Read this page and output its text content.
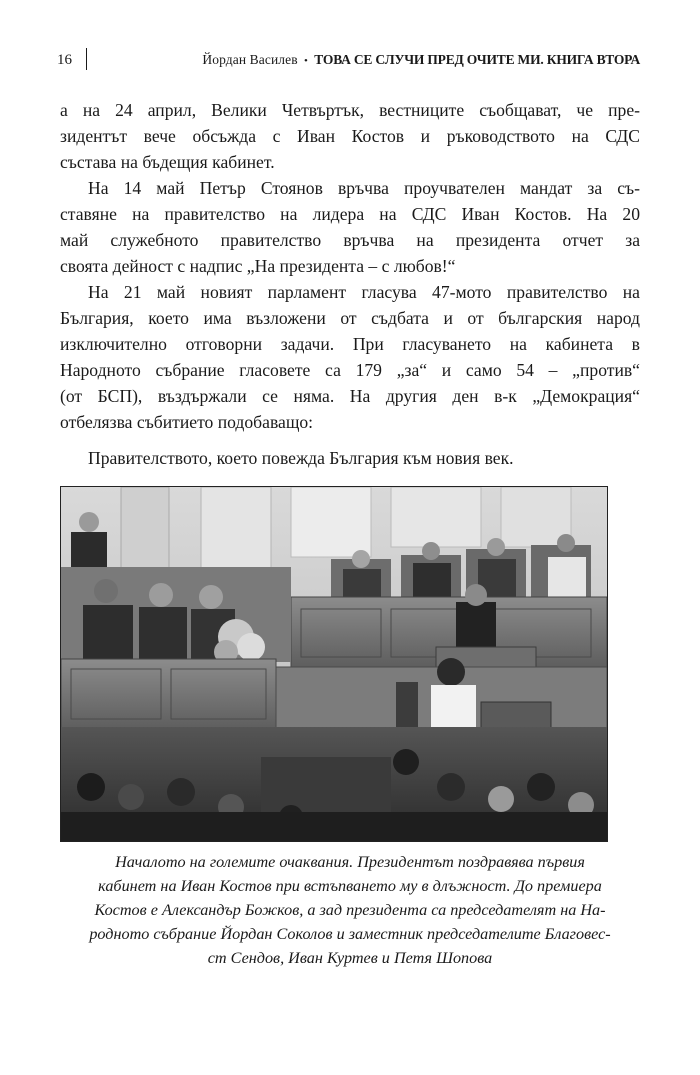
16	Йордан Василев • ТОВА СЕ СЛУЧИ ПРЕД ОЧИТЕ МИ. КНИГА ВТОРА
а на 24 април, Велики Четвъртък, вестниците съобщават, че пре-
зидентът вече обсъжда с Иван Костов и ръководството на СДС
състава на бъдещия кабинет.
На 14 май Петър Стоянов връчва проучвателен мандат за съ-
ставяне на правителство на лидера на СДС Иван Костов. На 20
май служебното правителство връчва на президента отчет за
своята дейност с надпис „На президента – с любов!“
На 21 май новият парламент гласува 47-мото правителство на
България, което има възложени от съдбата и от българския народ
изключително отговорни задачи. При гласуването на кабинета в
Народното събрание гласовете са 179 „за“ и само 54 – „против“
(от БСП), въздържали се няма. На другия ден в-к „Демокрация“
отбелязва събитието подобаващо:
Правителството, което повежда България към новия век.
Началото на големите очаквания. Президентът поздравява първия
кабинет на Иван Костов при встъпването му в длъжност. До премиера
Костов е Александър Божков, а зад президента са председателят на На-
родното събрание Йордан Соколов и заместник председателите Благовес-
ст Сендов, Иван Куртев и Петя Шопова
